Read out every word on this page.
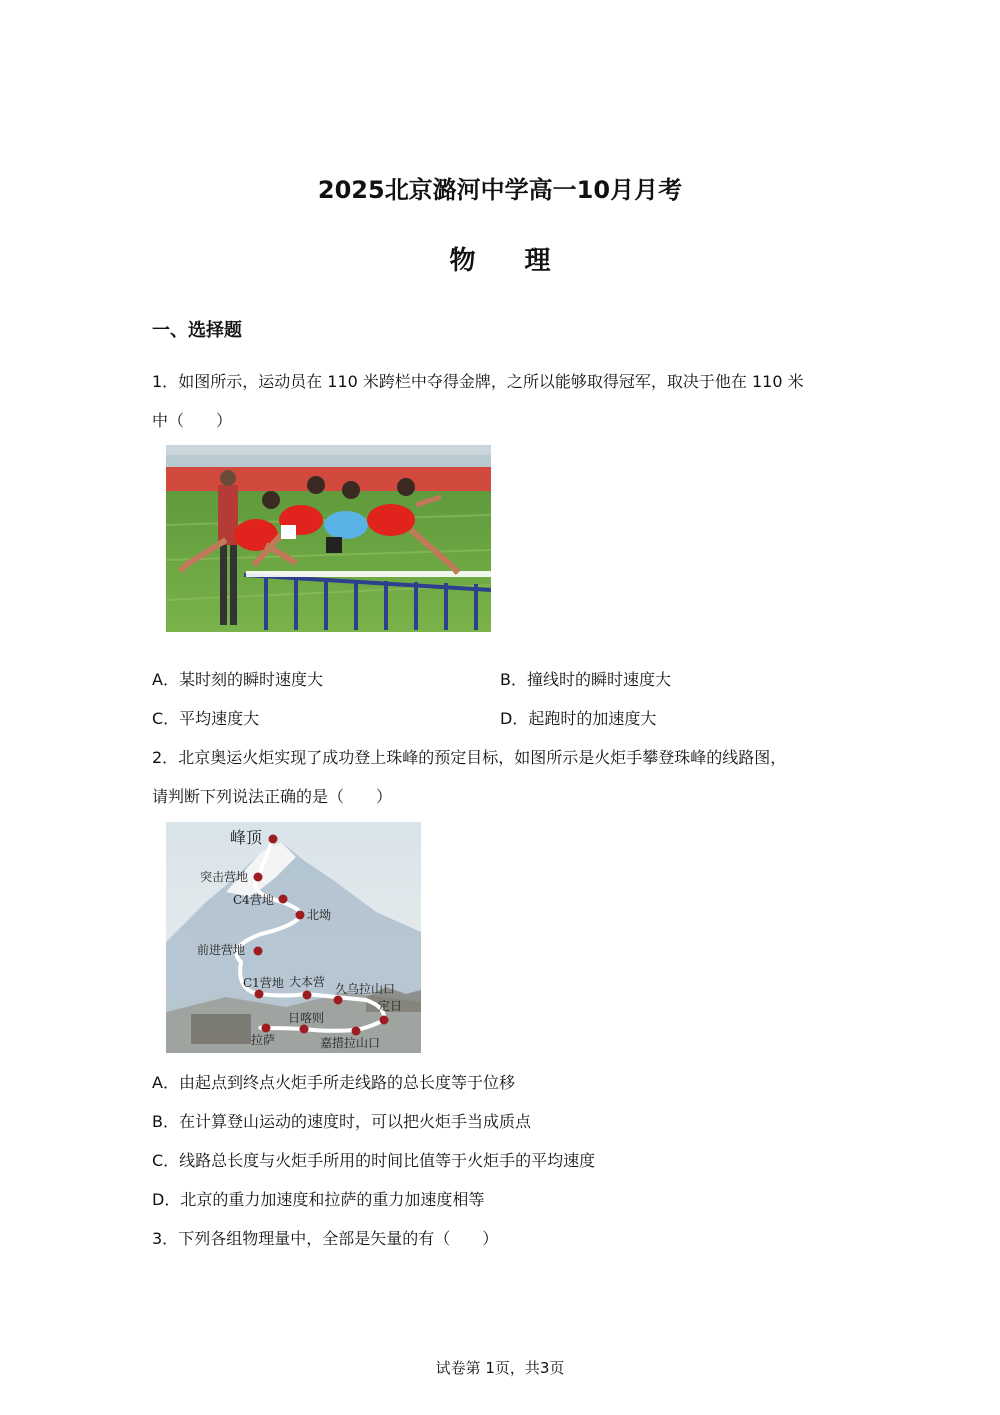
2025北京潞河中学高一10月月考
物 理
一、选择题
1．如图所示，运动员在 110 米跨栏中夺得金牌，之所以能够取得冠军，取决于他在 110 米
中（　　）
A．某时刻的瞬时速度大	B．撞线时的瞬时速度大
C．平均速度大	D．起跑时的加速度大
2．北京奥运火炬实现了成功登上珠峰的预定目标，如图所示是火炬手攀登珠峰的线路图，
请判断下列说法正确的是（　　）
峰顶
突击营地
C4营地
北坳
前进营地
C1营地 大本营 久乌拉山口
定日
日喀则
拉萨	嘉措拉山口
A．由起点到终点火炬手所走线路的总长度等于位移
B．在计算登山运动的速度时，可以把火炬手当成质点
C．线路总长度与火炬手所用的时间比值等于火炬手的平均速度
D．北京的重力加速度和拉萨的重力加速度相等
3．下列各组物理量中，全部是矢量的有（　　）
试卷第 1页，共3页
